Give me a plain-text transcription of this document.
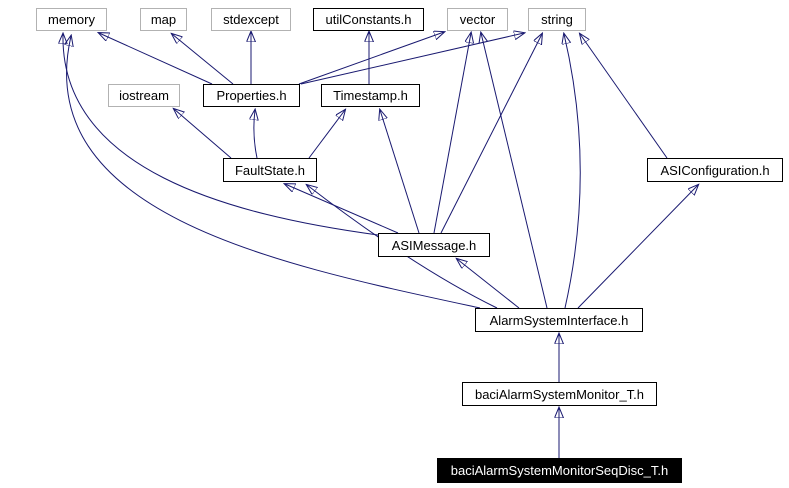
memory	map	stdexcept	utilConstants.h	vector	string
iostream	Properties.h	Timestamp.h
FaultState.h	ASIConfiguration.h
ASIMessage.h
AlarmSystemInterface.h
baciAlarmSystemMonitor_T.h
baciAlarmSystemMonitorSeqDisc_T.h
